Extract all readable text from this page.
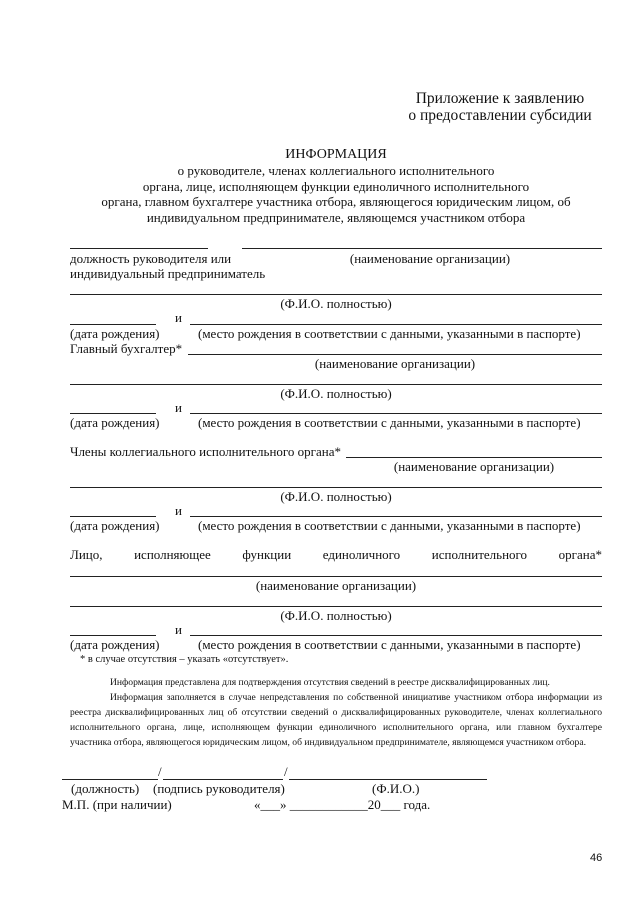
Приложение к заявлению
о предоставлении субсидии
ИНФОРМАЦИЯ
о руководителе, членах коллегиального исполнительного
органа, лице, исполняющем функции единоличного исполнительного
органа, главном бухгалтере участника отбора, являющегося юридическим лицом, об
индивидуальном предпринимателе, являющемся участником отбора
должность руководителя или
индивидуальный предприниматель
(наименование организации)
(Ф.И.О. полностью)
и
(дата рождения)	(место рождения в соответствии с данными, указанными в паспорте)
Главный бухгалтер*
(наименование организации)
(Ф.И.О. полностью)
и
(дата рождения)	(место рождения в соответствии с данными, указанными в паспорте)
Члены коллегиального исполнительного органа*
(наименование организации)
(Ф.И.О. полностью)
и
(дата рождения)	(место рождения в соответствии с данными, указанными в паспорте)
Лицо, исполняющее функции единоличного исполнительного органа*
(наименование организации)
(Ф.И.О. полностью)
и
(дата рождения)	(место рождения в соответствии с данными, указанными в паспорте)
* в случае отсутствия – указать «отсутствует».

Информация представлена для подтверждения отсутствия сведений в реестре дисквалифицированных лиц.

Информация заполняется в случае непредставления по собственной инициативе участником отбора информации из реестра дисквалифицированных лиц об отсутствии сведений о дисквалифицированных руководителе, членах коллегиального исполнительного органа, лице, исполняющем функции единоличного исполнительного органа, или главном бухгалтере участника отбора, являющегося юридическим лицом, об индивидуальном предпринимателе, являющемся участником отбора.

/	/
(должность) (подпись руководителя)	(Ф.И.О.)
М.П. (при наличии)	«___» ____________20___ года.
46
